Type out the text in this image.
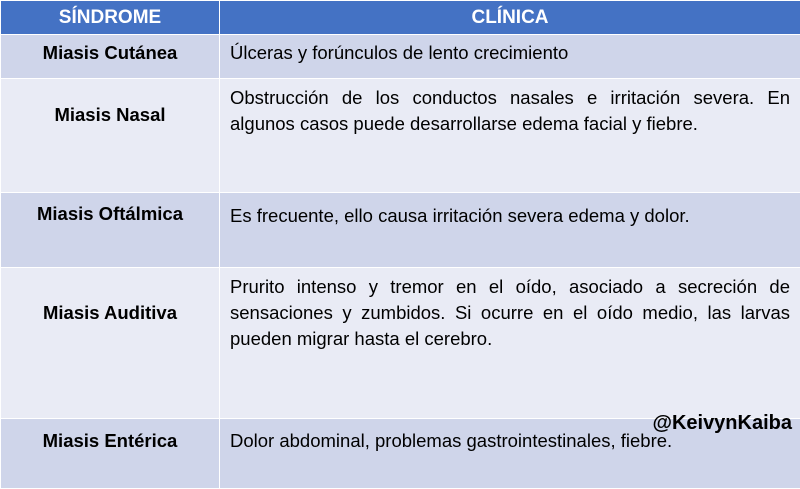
SÍNDROME	CLÍNICA
Miasis Cutánea	Úlceras y forúnculos de lento crecimiento
Miasis Nasal	Obstrucción de los conductos nasales e irritación severa. En algunos casos puede desarrollarse edema facial y fiebre.
Miasis Oftálmica	Es frecuente, ello causa irritación severa edema y dolor.
Miasis Auditiva	Prurito intenso y tremor en el oído, asociado a secreción de sensaciones y zumbidos. Si ocurre en el oído medio, las larvas pueden migrar hasta el cerebro.
Miasis Entérica	Dolor abdominal, problemas gastrointestinales, fiebre.
@KeivynKaiba
